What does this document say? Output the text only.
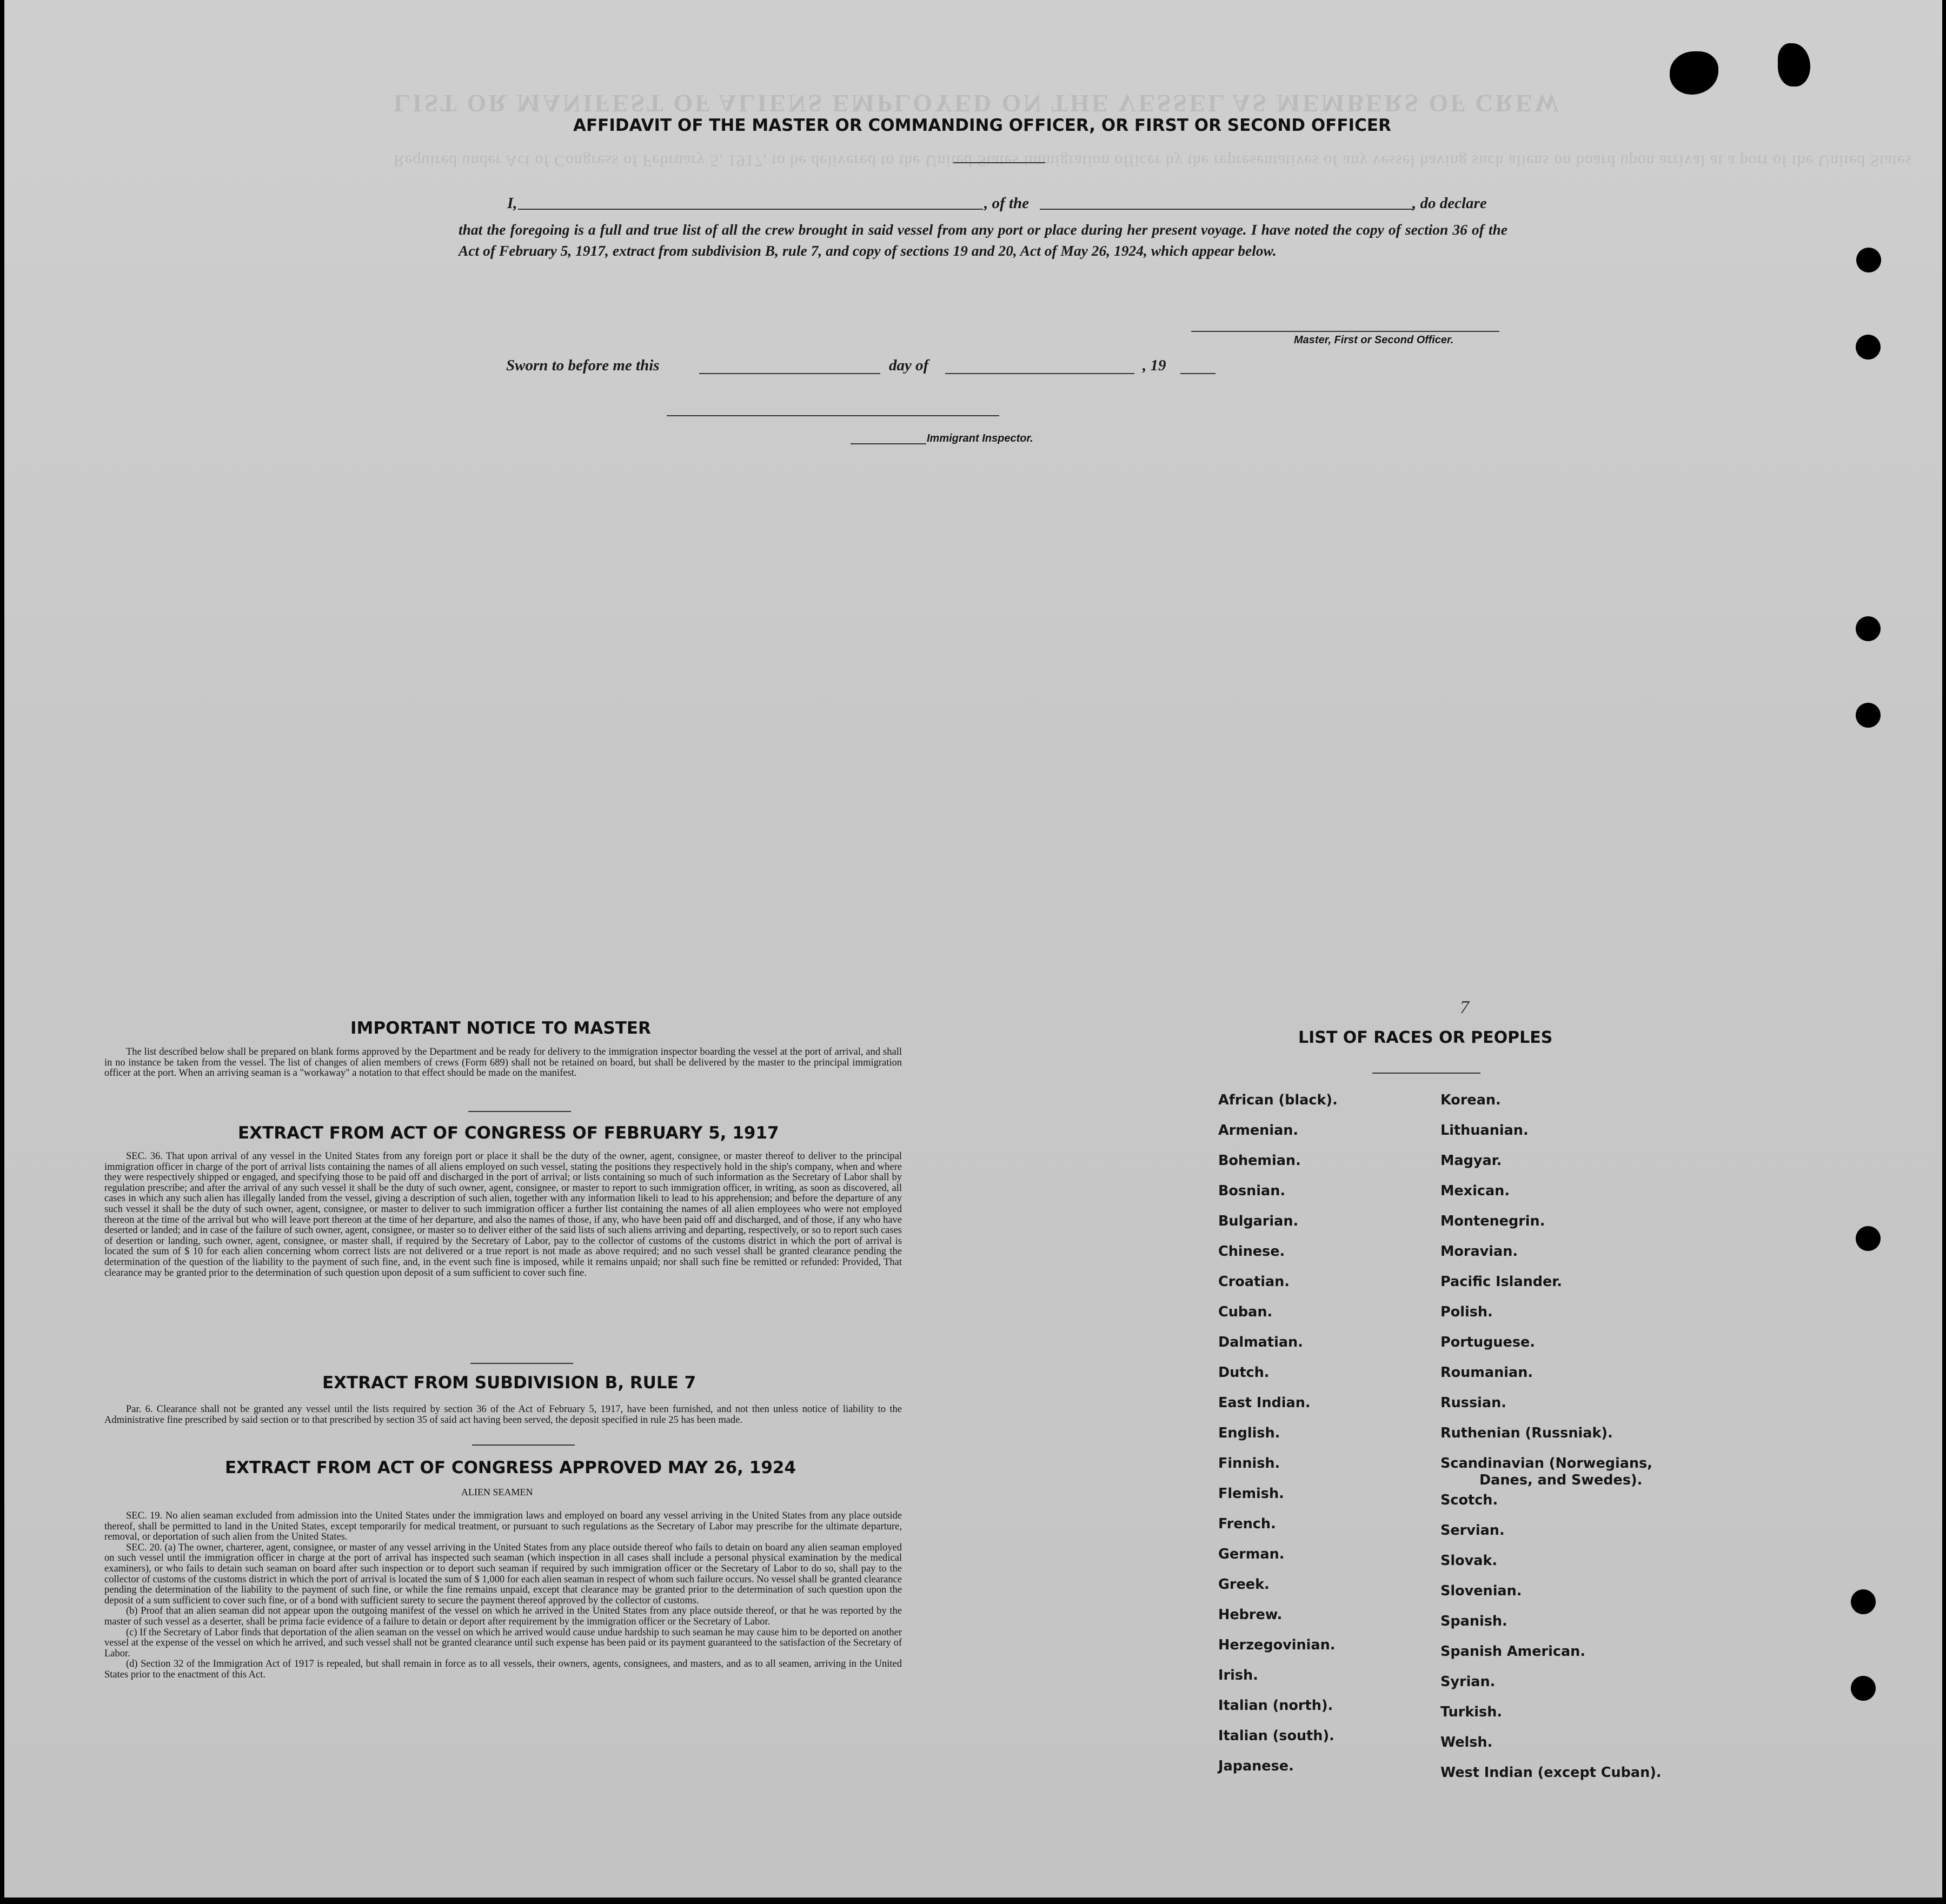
LIST OR MANIFEST OF ALIENS EMPLOYED ON THE VESSEL AS MEMBERS OF CREW
Required under Act of Congress of February 5, 1917, to be delivered to the United States immigration officer by the representatives of any vessel having such aliens on board upon arrival at a port of the United States
AFFIDAVIT OF THE MASTER OR COMMANDING OFFICER, OR FIRST OR SECOND OFFICER
I,	, of the	, do declare
that the foregoing is a full and true list of all the crew brought in said vessel from any port or place during her present voyage. I have noted the copy of section 36 of the Act of February 5, 1917, extract from subdivision B, rule 7, and copy of sections 19 and 20, Act of May 26, 1924, which appear below.
Master, First or Second Officer.
Sworn to before me this	day of	, 19
Immigrant Inspector.
IMPORTANT NOTICE TO MASTER

The list described below shall be prepared on blank forms approved by the Department and be ready for delivery to the immigration inspector boarding the vessel at the port of arrival, and shall in no instance be taken from the vessel. The list of changes of alien members of crews (Form 689) shall not be retained on board, but shall be delivered by the master to the principal immigration officer at the port. When an arriving seaman is a "workaway" a notation to that effect should be made on the manifest.

EXTRACT FROM ACT OF CONGRESS OF FEBRUARY 5, 1917

SEC. 36. That upon arrival of any vessel in the United States from any foreign port or place it shall be the duty of the owner, agent, consignee, or master thereof to deliver to the principal immigration officer in charge of the port of arrival lists containing the names of all aliens employed on such vessel, stating the positions they respectively hold in the ship's company, when and where they were respectively shipped or engaged, and specifying those to be paid off and discharged in the port of arrival; or lists containing so much of such information as the Secretary of Labor shall by regulation prescribe; and after the arrival of any such vessel it shall be the duty of such owner, agent, consignee, or master to report to such immigration officer, in writing, as soon as discovered, all cases in which any such alien has illegally landed from the vessel, giving a description of such alien, together with any information likeli to lead to his apprehension; and before the departure of any such vessel it shall be the duty of such owner, agent, consignee, or master to deliver to such immigration officer a further list containing the names of all alien employees who were not employed thereon at the time of the arrival but who will leave port thereon at the time of her departure, and also the names of those, if any, who have been paid off and discharged, and of those, if any who have deserted or landed; and in case of the failure of such owner, agent, consignee, or master so to deliver either of the said lists of such aliens arriving and departing, respectively, or so to report such cases of desertion or landing, such owner, agent, consignee, or master shall, if required by the Secretary of Labor, pay to the collector of customs of the customs district in which the port of arrival is located the sum of $ 10 for each alien concerning whom correct lists are not delivered or a true report is not made as above required; and no such vessel shall be granted clearance pending the determination of the question of the liability to the payment of such fine, and, in the event such fine is imposed, while it remains unpaid; nor shall such fine be remitted or refunded: Provided, That clearance may be granted prior to the determination of such question upon deposit of a sum sufficient to cover such fine.

EXTRACT FROM SUBDIVISION B, RULE 7

Par. 6. Clearance shall not be granted any vessel until the lists required by section 36 of the Act of February 5, 1917, have been furnished, and not then unless notice of liability to the Administrative fine prescribed by said section or to that prescribed by section 35 of said act having been served, the deposit specified in rule 25 has been made.

EXTRACT FROM ACT OF CONGRESS APPROVED MAY 26, 1924
ALIEN SEAMEN

SEC. 19. No alien seaman excluded from admission into the United States under the immigration laws and employed on board any vessel arriving in the United States from any place outside thereof, shall be permitted to land in the United States, except temporarily for medical treatment, or pursuant to such regulations as the Secretary of Labor may prescribe for the ultimate departure, removal, or deportation of such alien from the United States.

SEC. 20. (a) The owner, charterer, agent, consignee, or master of any vessel arriving in the United States from any place outside thereof who fails to detain on board any alien seaman employed on such vessel until the immigration officer in charge at the port of arrival has inspected such seaman (which inspection in all cases shall include a personal physical examination by the medical examiners), or who fails to detain such seaman on board after such inspection or to deport such seaman if required by such immigration officer or the Secretary of Labor to do so, shall pay to the collector of customs of the customs district in which the port of arrival is located the sum of $ 1,000 for each alien seaman in respect of whom such failure occurs. No vessel shall be granted clearance pending the determination of the liability to the payment of such fine, or while the fine remains unpaid, except that clearance may be granted prior to the determination of such question upon the deposit of a sum sufficient to cover such fine, or of a bond with sufficient surety to secure the payment thereof approved by the collector of customs.

(b) Proof that an alien seaman did not appear upon the outgoing manifest of the vessel on which he arrived in the United States from any place outside thereof, or that he was reported by the master of such vessel as a deserter, shall be prima facie evidence of a failure to detain or deport after requirement by the immigration officer or the Secretary of Labor.

(c) If the Secretary of Labor finds that deportation of the alien seaman on the vessel on which he arrived would cause undue hardship to such seaman he may cause him to be deported on another vessel at the expense of the vessel on which he arrived, and such vessel shall not be granted clearance until such expense has been paid or its payment guaranteed to the satisfaction of the Secretary of Labor.

(d) Section 32 of the Immigration Act of 1917 is repealed, but shall remain in force as to all vessels, their owners, agents, consignees, and masters, and as to all seamen, arriving in the United States prior to the enactment of this Act.

7
LIST OF RACES OR PEOPLES
African (black).
Armenian.
Bohemian.
Bosnian.
Bulgarian.
Chinese.
Croatian.
Cuban.
Dalmatian.
Dutch.
East Indian.
English.
Finnish.
Flemish.
French.
German.
Greek.
Hebrew.
Herzegovinian.
Irish.
Italian (north).
Italian (south).
Japanese.
Korean.
Lithuanian.
Magyar.
Mexican.
Montenegrin.
Moravian.
Pacific Islander.
Polish.
Portuguese.
Roumanian.
Russian.
Ruthenian (Russniak).
Scandinavian (Norwegians,
Danes, and Swedes).
Scotch.
Servian.
Slovak.
Slovenian.
Spanish.
Spanish American.
Syrian.
Turkish.
Welsh.
West Indian (except Cuban).
